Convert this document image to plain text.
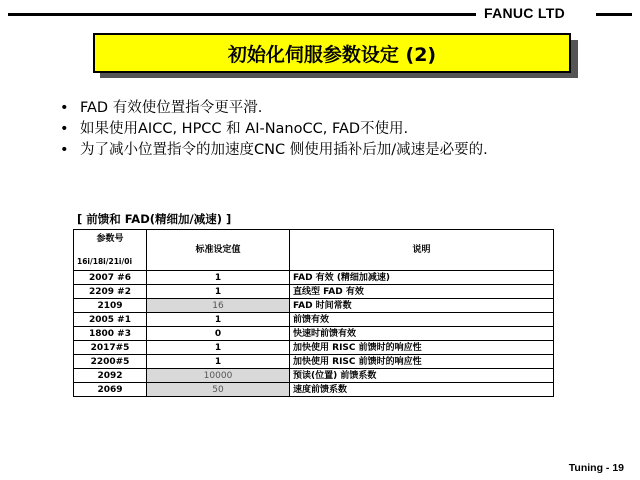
FANUC LTD
初始化伺服参数设定 (2)
• FAD 有效使位置指令更平滑.
• 如果使用AICC, HPCC 和 AI-NanoCC, FAD不使用.
• 为了减小位置指令的加速度CNC 侧使用插补后加/减速是必要的.
[ 前馈和 FAD(精细加/减速) ]
参数号
16i/18i/21i/0i	标准设定值	说明
2007 #6	1	FAD 有效 (精细加减速)
2209 #2	1	直线型 FAD 有效
2109	16	FAD 时间常数
2005 #1	1	前馈有效
1800 #3	0	快速时前馈有效
2017#5	1	加快使用 RISC 前馈时的响应性
2200#5	1	加快使用 RISC 前馈时的响应性
2092	10000	预读(位置) 前馈系数
2069	50	速度前馈系数
Tuning - 19
